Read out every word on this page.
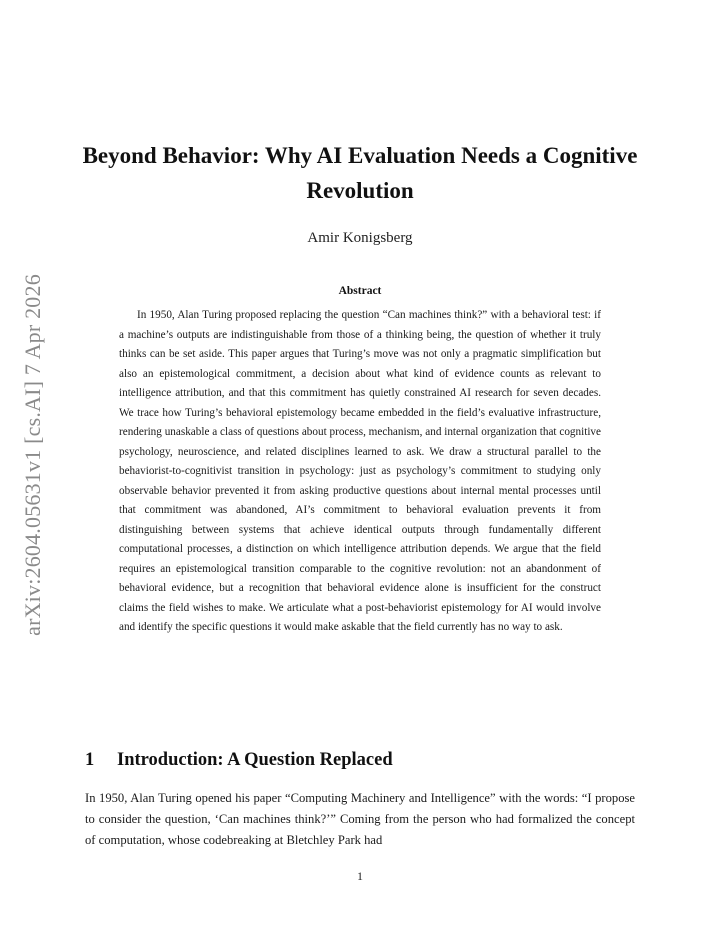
arXiv:2604.05631v1 [cs.AI] 7 Apr 2026
Beyond Behavior: Why AI Evaluation Needs a Cognitive Revolution
Amir Konigsberg
Abstract
In 1950, Alan Turing proposed replacing the question “Can machines think?” with a behavioral test: if a machine’s outputs are indistinguishable from those of a thinking being, the question of whether it truly thinks can be set aside. This paper argues that Turing’s move was not only a pragmatic simplification but also an epistemological commitment, a decision about what kind of evidence counts as relevant to intelligence attribution, and that this commitment has quietly constrained AI research for seven decades. We trace how Turing’s behavioral epistemology became embedded in the field’s evaluative infrastructure, rendering unaskable a class of questions about process, mechanism, and internal organization that cognitive psychology, neuroscience, and related disciplines learned to ask. We draw a structural parallel to the behaviorist-to-cognitivist transition in psychology: just as psychology’s commitment to studying only observable behavior prevented it from asking productive questions about internal mental processes until that commitment was abandoned, AI’s commitment to behavioral evaluation prevents it from distinguishing between systems that achieve identical outputs through fundamentally different computational processes, a distinction on which intelligence attribution depends. We argue that the field requires an epistemological transition comparable to the cognitive revolution: not an abandonment of behavioral evidence, but a recognition that behavioral evidence alone is insufficient for the construct claims the field wishes to make. We articulate what a post-behaviorist epistemology for AI would involve and identify the specific questions it would make askable that the field currently has no way to ask.
1 Introduction: A Question Replaced
In 1950, Alan Turing opened his paper “Computing Machinery and Intelligence” with the words: “I propose to consider the question, ‘Can machines think?’” Coming from the person who had formalized the concept of computation, whose codebreaking at Bletchley Park had
1
